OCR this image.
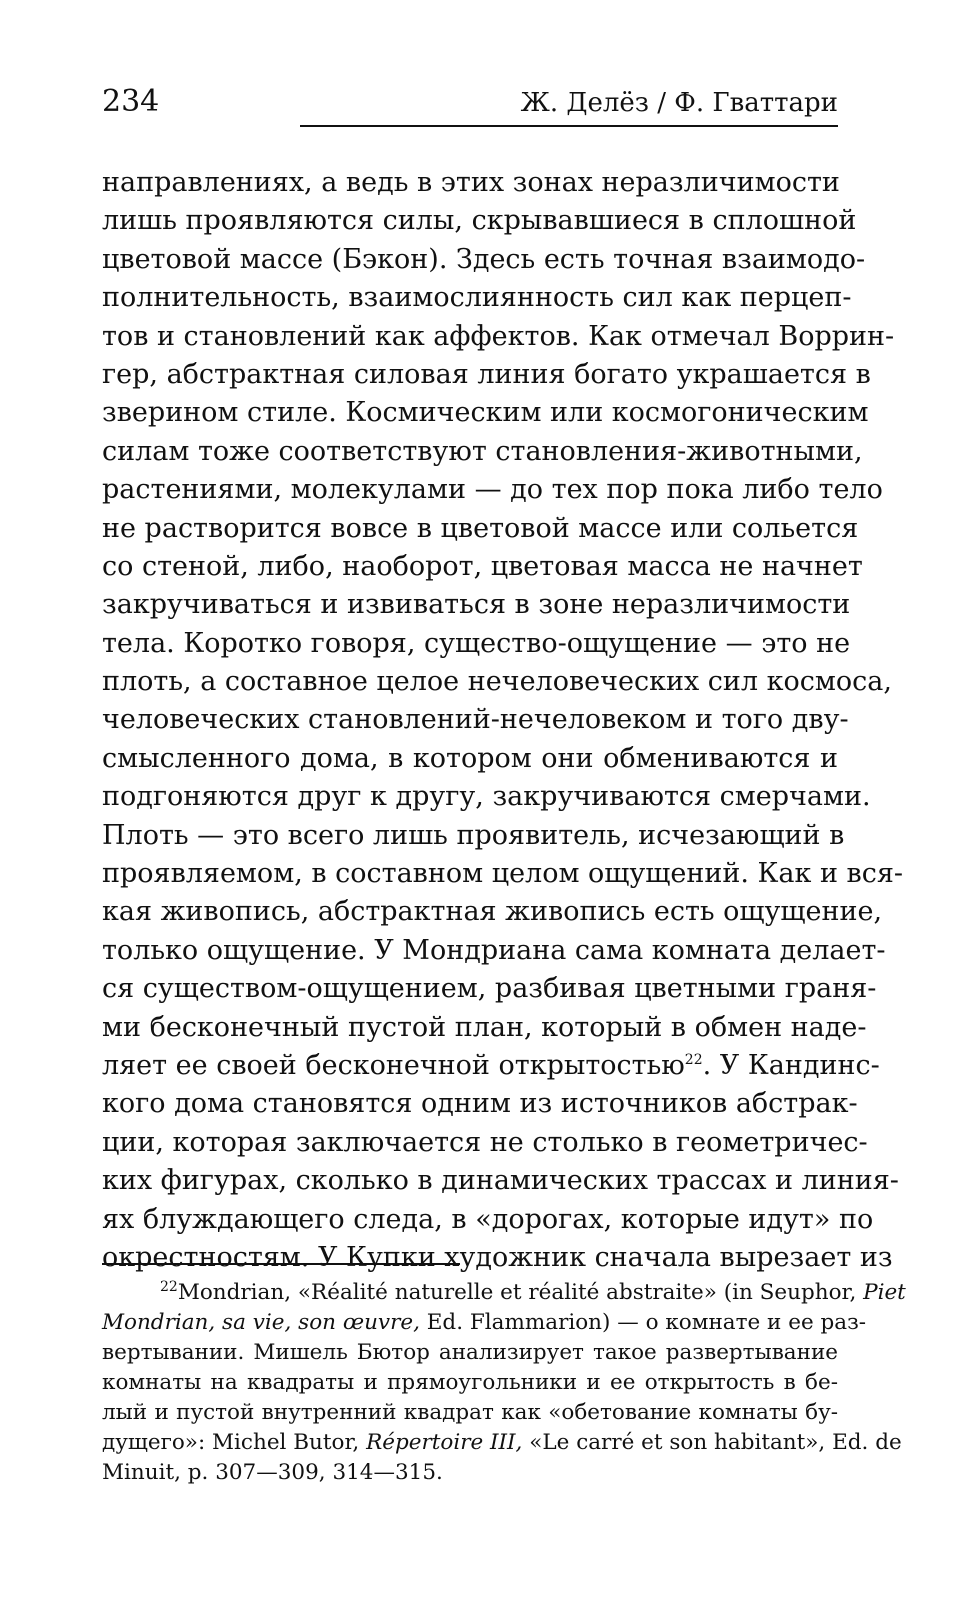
234	Ж. Делёз / Ф. Гваттари
направлениях, а ведь в этих зонах неразличимости
лишь проявляются силы, скрывавшиеся в сплошной
цветовой массе (Бэкон). Здесь есть точная взаимодо-
полнительность, взаимослиянность сил как перцеп-
тов и становлений как аффектов. Как отмечал Воррин-
гер, абстрактная силовая линия богато украшается в
зверином стиле. Космическим или космогоническим
силам тоже соответствуют становления-животными,
растениями, молекулами — до тех пор пока либо тело
не растворится вовсе в цветовой массе или сольется
со стеной, либо, наоборот, цветовая масса не начнет
закручиваться и извиваться в зоне неразличимости
тела. Коротко говоря, существо-ощущение — это не
плоть, а составное целое нечеловеческих сил космоса,
человеческих становлений-нечеловеком и того дву-
смысленного дома, в котором они обмениваются и
подгоняются друг к другу, закручиваются смерчами.
Плоть — это всего лишь проявитель, исчезающий в
проявляемом, в составном целом ощущений. Как и вся-
кая живопись, абстрактная живопись есть ощущение,
только ощущение. У Мондриана сама комната делает-
ся существом-ощущением, разбивая цветными граня-
ми бесконечный пустой план, который в обмен наде-
ляет ее своей бесконечной открытостью$^{22}$. У Кандинс-
кого дома становятся одним из источников абстрак-
ции, которая заключается не столько в геометричес-
ких фигурах, сколько в динамических трассах и линия-
ях блуждающего следа, в «дорогах, которые идут» по
окрестностям. У Купки художник сначала вырезает из
$^{22}$Mondrian, «Réalité naturelle et réalité abstraite» (in Seuphor, Piet
Mondrian, sa vie, son œuvre, Ed. Flammarion) — о комнате и ее раз-
вертывании. Мишель Бютор анализирует такое развертывание
комнаты на квадраты и прямоугольники и ее открытость в бе-
лый и пустой внутренний квадрат как «обетование комнаты бу-
дущего»: Michel Butor, Répertoire III, «Le carré et son habitant», Ed. de
Minuit, p. 307—309, 314—315.
